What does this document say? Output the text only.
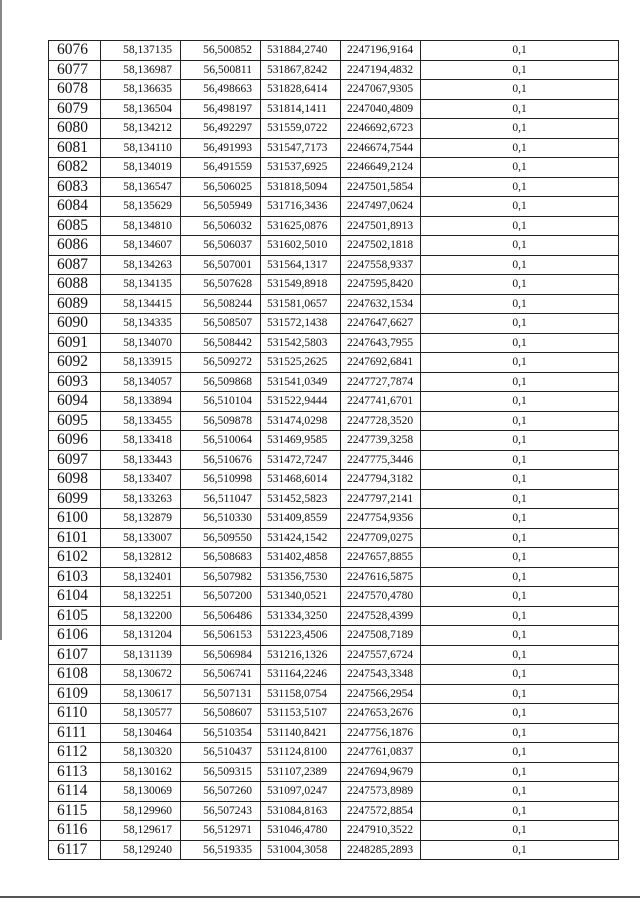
6076	58,137135	56,500852	531884,2740	2247196,9164	0,1
6077	58,136987	56,500811	531867,8242	2247194,4832	0,1
6078	58,136635	56,498663	531828,6414	2247067,9305	0,1
6079	58,136504	56,498197	531814,1411	2247040,4809	0,1
6080	58,134212	56,492297	531559,0722	2246692,6723	0,1
6081	58,134110	56,491993	531547,7173	2246674,7544	0,1
6082	58,134019	56,491559	531537,6925	2246649,2124	0,1
6083	58,136547	56,506025	531818,5094	2247501,5854	0,1
6084	58,135629	56,505949	531716,3436	2247497,0624	0,1
6085	58,134810	56,506032	531625,0876	2247501,8913	0,1
6086	58,134607	56,506037	531602,5010	2247502,1818	0,1
6087	58,134263	56,507001	531564,1317	2247558,9337	0,1
6088	58,134135	56,507628	531549,8918	2247595,8420	0,1
6089	58,134415	56,508244	531581,0657	2247632,1534	0,1
6090	58,134335	56,508507	531572,1438	2247647,6627	0,1
6091	58,134070	56,508442	531542,5803	2247643,7955	0,1
6092	58,133915	56,509272	531525,2625	2247692,6841	0,1
6093	58,134057	56,509868	531541,0349	2247727,7874	0,1
6094	58,133894	56,510104	531522,9444	2247741,6701	0,1
6095	58,133455	56,509878	531474,0298	2247728,3520	0,1
6096	58,133418	56,510064	531469,9585	2247739,3258	0,1
6097	58,133443	56,510676	531472,7247	2247775,3446	0,1
6098	58,133407	56,510998	531468,6014	2247794,3182	0,1
6099	58,133263	56,511047	531452,5823	2247797,2141	0,1
6100	58,132879	56,510330	531409,8559	2247754,9356	0,1
6101	58,133007	56,509550	531424,1542	2247709,0275	0,1
6102	58,132812	56,508683	531402,4858	2247657,8855	0,1
6103	58,132401	56,507982	531356,7530	2247616,5875	0,1
6104	58,132251	56,507200	531340,0521	2247570,4780	0,1
6105	58,132200	56,506486	531334,3250	2247528,4399	0,1
6106	58,131204	56,506153	531223,4506	2247508,7189	0,1
6107	58,131139	56,506984	531216,1326	2247557,6724	0,1
6108	58,130672	56,506741	531164,2246	2247543,3348	0,1
6109	58,130617	56,507131	531158,0754	2247566,2954	0,1
6110	58,130577	56,508607	531153,5107	2247653,2676	0,1
6111	58,130464	56,510354	531140,8421	2247756,1876	0,1
6112	58,130320	56,510437	531124,8100	2247761,0837	0,1
6113	58,130162	56,509315	531107,2389	2247694,9679	0,1
6114	58,130069	56,507260	531097,0247	2247573,8989	0,1
6115	58,129960	56,507243	531084,8163	2247572,8854	0,1
6116	58,129617	56,512971	531046,4780	2247910,3522	0,1
6117	58,129240	56,519335	531004,3058	2248285,2893	0,1
